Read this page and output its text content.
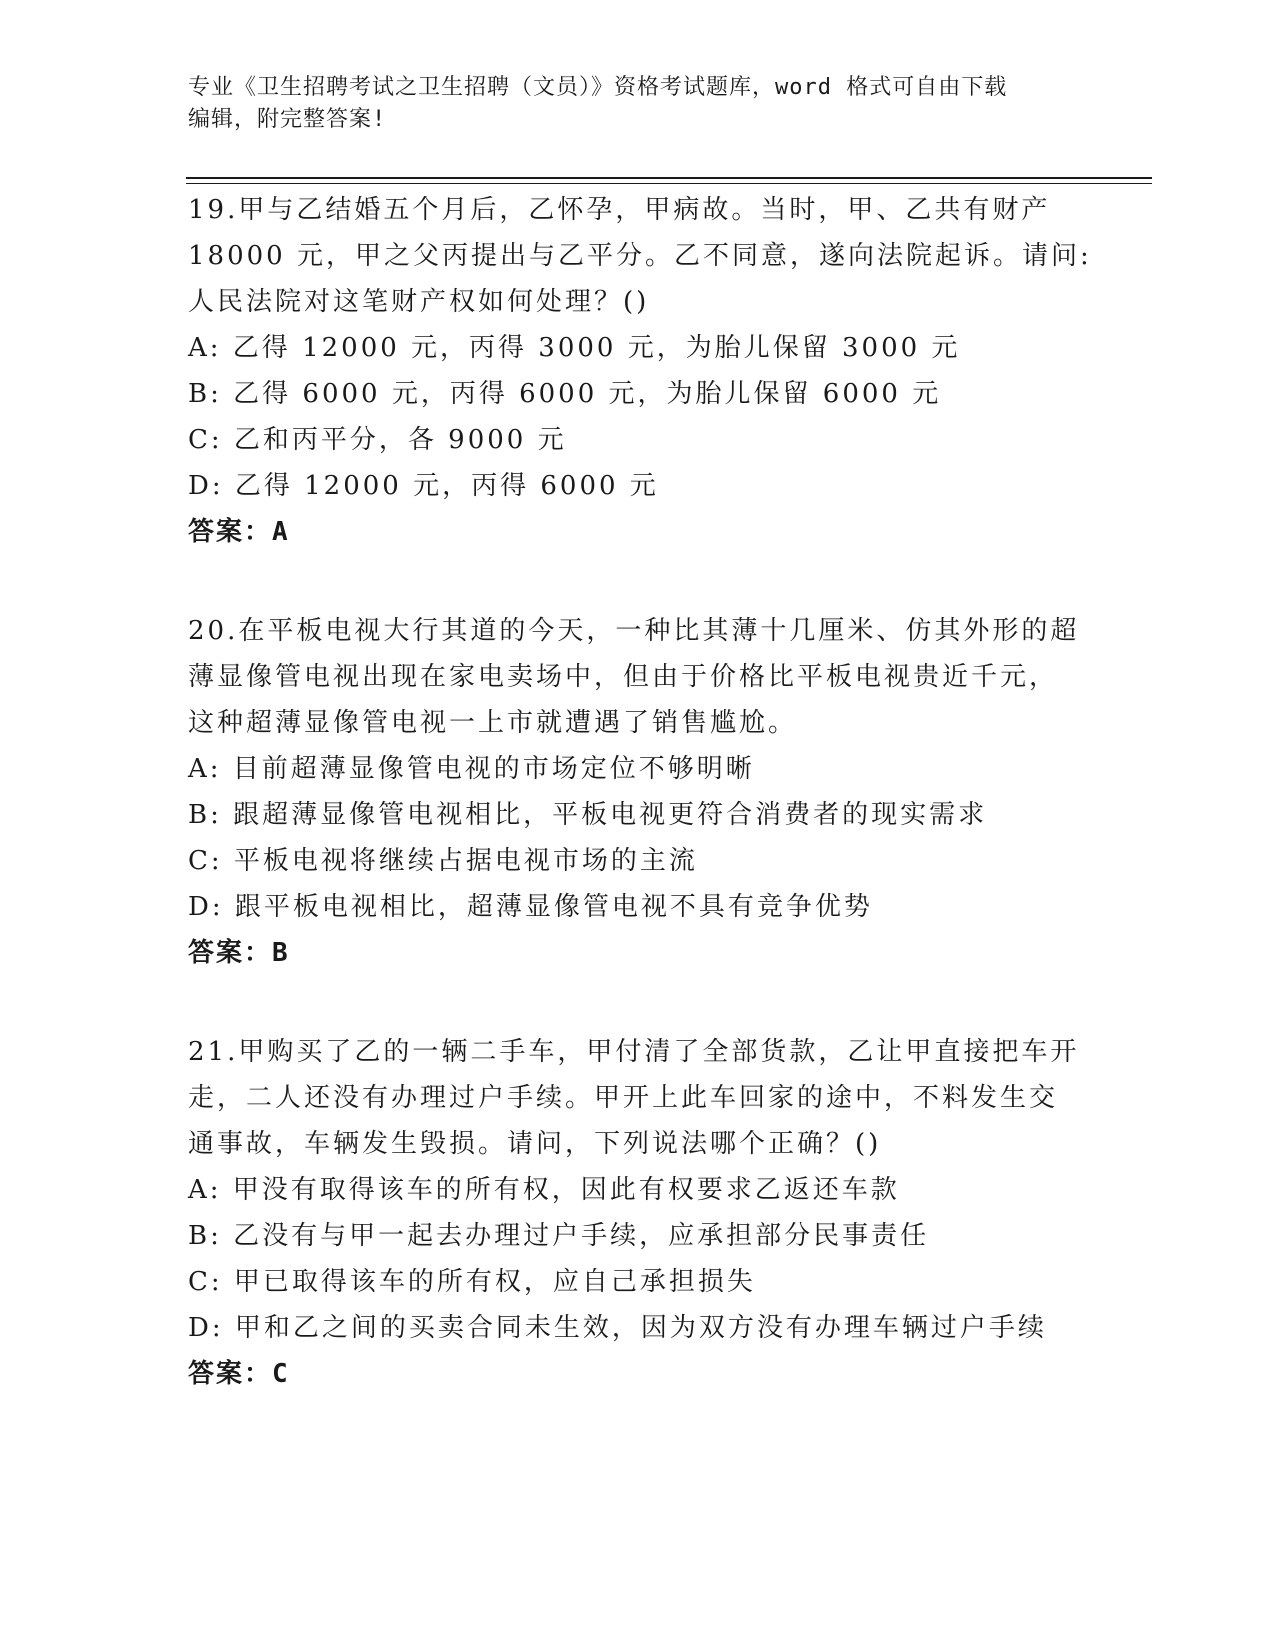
专业《卫生招聘考试之卫生招聘（文员）》资格考试题库，word 格式可自由下载
编辑，附完整答案!
19.甲与乙结婚五个月后，乙怀孕，甲病故。当时，甲、乙共有财产
18000 元，甲之父丙提出与乙平分。乙不同意，遂向法院起诉。请问:
人民法院对这笔财产权如何处理？()
A: 乙得 12000 元，丙得 3000 元，为胎儿保留 3000 元
B: 乙得 6000 元，丙得 6000 元，为胎儿保留 6000 元
C: 乙和丙平分，各 9000 元
D: 乙得 12000 元，丙得 6000 元
答案：A
20.在平板电视大行其道的今天，一种比其薄十几厘米、仿其外形的超
薄显像管电视出现在家电卖场中，但由于价格比平板电视贵近千元，
这种超薄显像管电视一上市就遭遇了销售尴尬。
A: 目前超薄显像管电视的市场定位不够明晰
B: 跟超薄显像管电视相比，平板电视更符合消费者的现实需求
C: 平板电视将继续占据电视市场的主流
D: 跟平板电视相比，超薄显像管电视不具有竞争优势
答案：B
21.甲购买了乙的一辆二手车，甲付清了全部货款，乙让甲直接把车开
走，二人还没有办理过户手续。甲开上此车回家的途中，不料发生交
通事故，车辆发生毁损。请问，下列说法哪个正确？()
A: 甲没有取得该车的所有权，因此有权要求乙返还车款
B: 乙没有与甲一起去办理过户手续，应承担部分民事责任
C: 甲已取得该车的所有权，应自己承担损失
D: 甲和乙之间的买卖合同未生效，因为双方没有办理车辆过户手续
答案：C
